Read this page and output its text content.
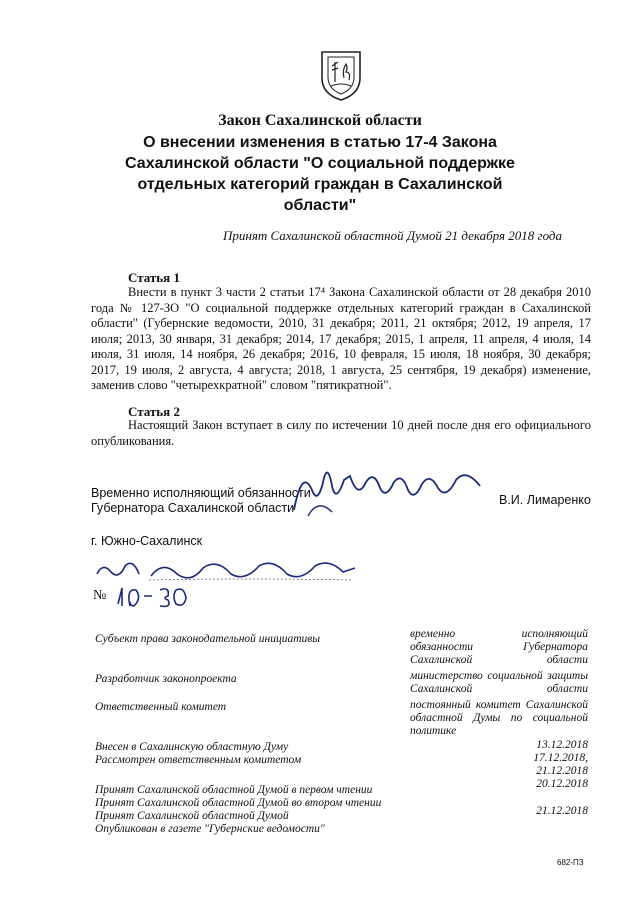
Закон Сахалинской области
О внесении изменения в статью 17-4 Закона Сахалинской области "О социальной поддержке отдельных категорий граждан в Сахалинской области"
Принят Сахалинской областной Думой 21 декабря 2018 года
Статья 1
Внести в пункт 3 части 2 статьи 17⁴ Закона Сахалинской области от 28 декабря 2010 года № 127-ЗО "О социальной поддержке отдельных категорий граждан в Сахалинской области" (Губернские ведомости, 2010, 31 декабря; 2011, 21 октября; 2012, 19 апреля, 17 июля; 2013, 30 января, 31 декабря; 2014, 17 декабря; 2015, 1 апреля, 11 апреля, 4 июля, 14 июля, 31 июля, 14 ноября, 26 декабря; 2016, 10 февраля, 15 июля, 18 ноября, 30 декабря; 2017, 19 июля, 2 августа, 4 августа; 2018, 1 августа, 25 сентября, 19 декабря) изменение, заменив слово "четырехкратной" словом "пятикратной".
Статья 2
Настоящий Закон вступает в силу по истечении 10 дней после дня его официального опубликования.
Временно исполняющий обязанности
Губернатора Сахалинской области
В.И. Лимаренко
г. Южно-Сахалинск
№
Субъект права законодательной инициативы
Разработчик законопроекта
Ответственный комитет
Внесен в Сахалинскую областную Думу
Рассмотрен ответственным комитетом
Принят Сахалинской областной Думой в первом чтении
Принят Сахалинской областной Думой во втором чтении
Принят Сахалинской областной Думой
Опубликован в газете "Губернские ведомости"
временно исполняющий обязанности Губернатора Сахалинской области
министерство социальной защиты Сахалинской области
постоянный комитет Сахалинской областной Думы по социальной политике
13.12.2018
17.12.2018,
21.12.2018
20.12.2018
21.12.2018
682-ПЗ
